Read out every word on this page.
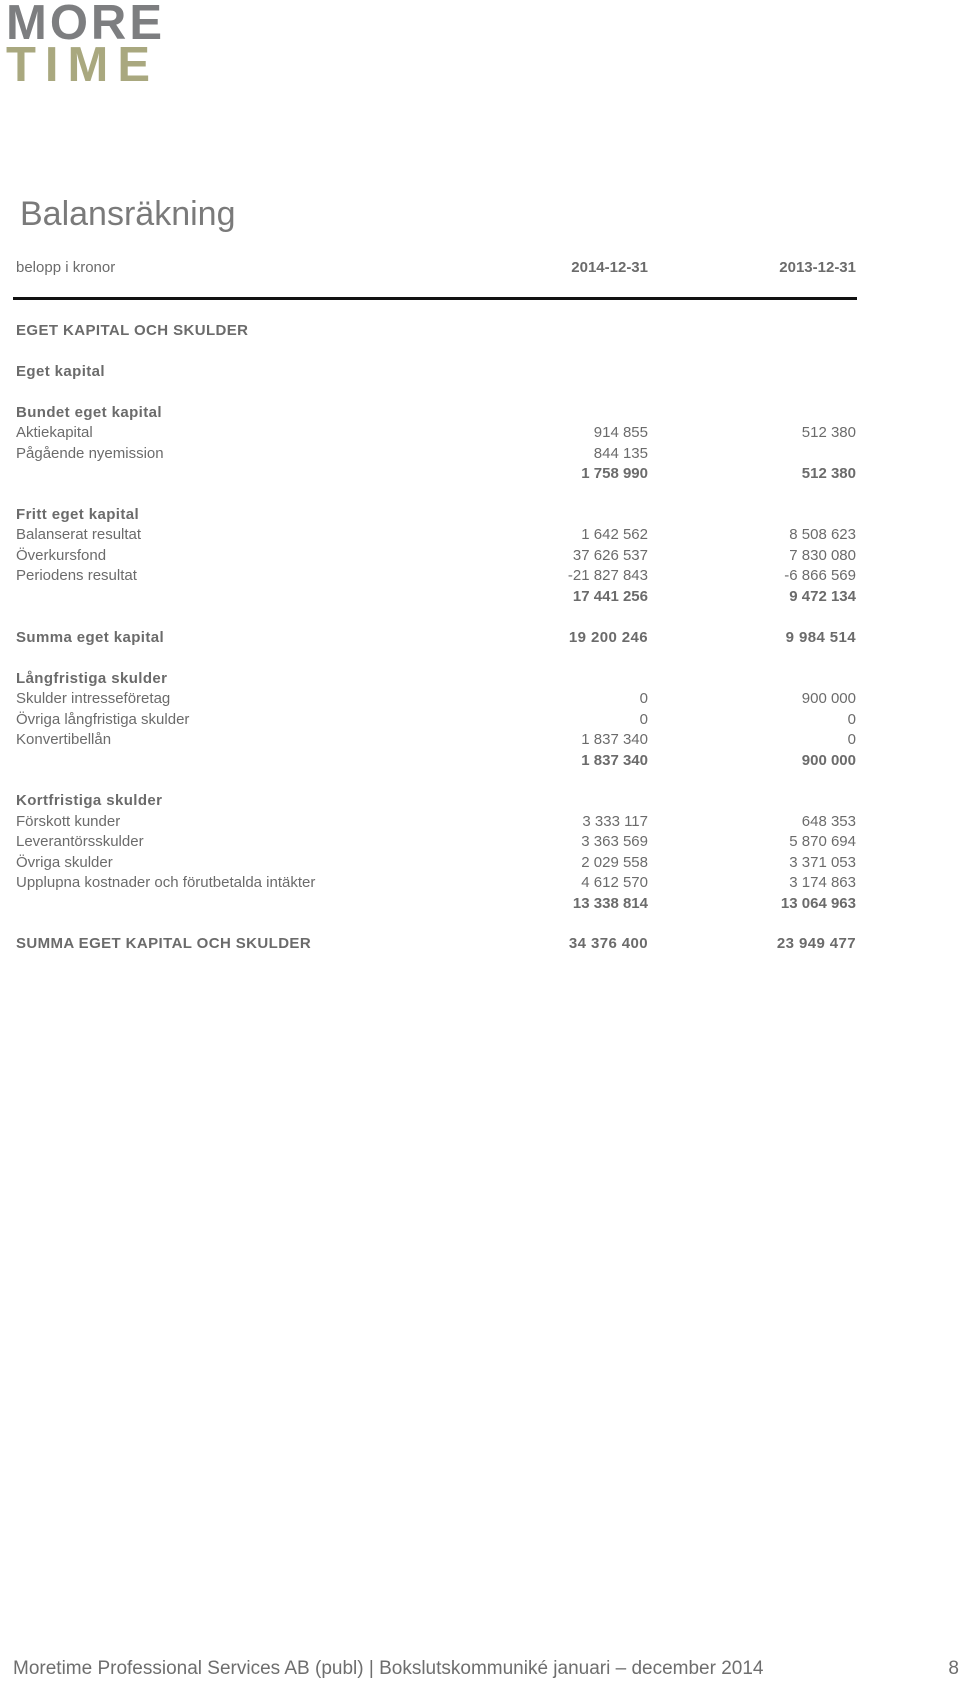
MORE
TIME
Balansräkning
belopp i kronor	2014-12-31	2013-12-31
EGET KAPITAL OCH SKULDER
Eget kapital
Bundet eget kapital
Aktiekapital	914 855	512 380
Pågående nyemission	844 135
1 758 990	512 380
Fritt eget kapital
Balanserat resultat	1 642 562	8 508 623
Överkursfond	37 626 537	7 830 080
Periodens resultat	-21 827 843	-6 866 569
17 441 256	9 472 134
Summa eget kapital	19 200 246	9 984 514
Långfristiga skulder
Skulder intresseföretag	0	900 000
Övriga långfristiga skulder	0	0
Konvertibellån	1 837 340	0
1 837 340	900 000
Kortfristiga skulder
Förskott kunder	3 333 117	648 353
Leverantörsskulder	3 363 569	5 870 694
Övriga skulder	2 029 558	3 371 053
Upplupna kostnader och förutbetalda intäkter	4 612 570	3 174 863
13 338 814	13 064 963
SUMMA EGET KAPITAL OCH SKULDER	34 376 400	23 949 477
Moretime Professional Services AB (publ) | Bokslutskommuniké januari – december 2014	8
